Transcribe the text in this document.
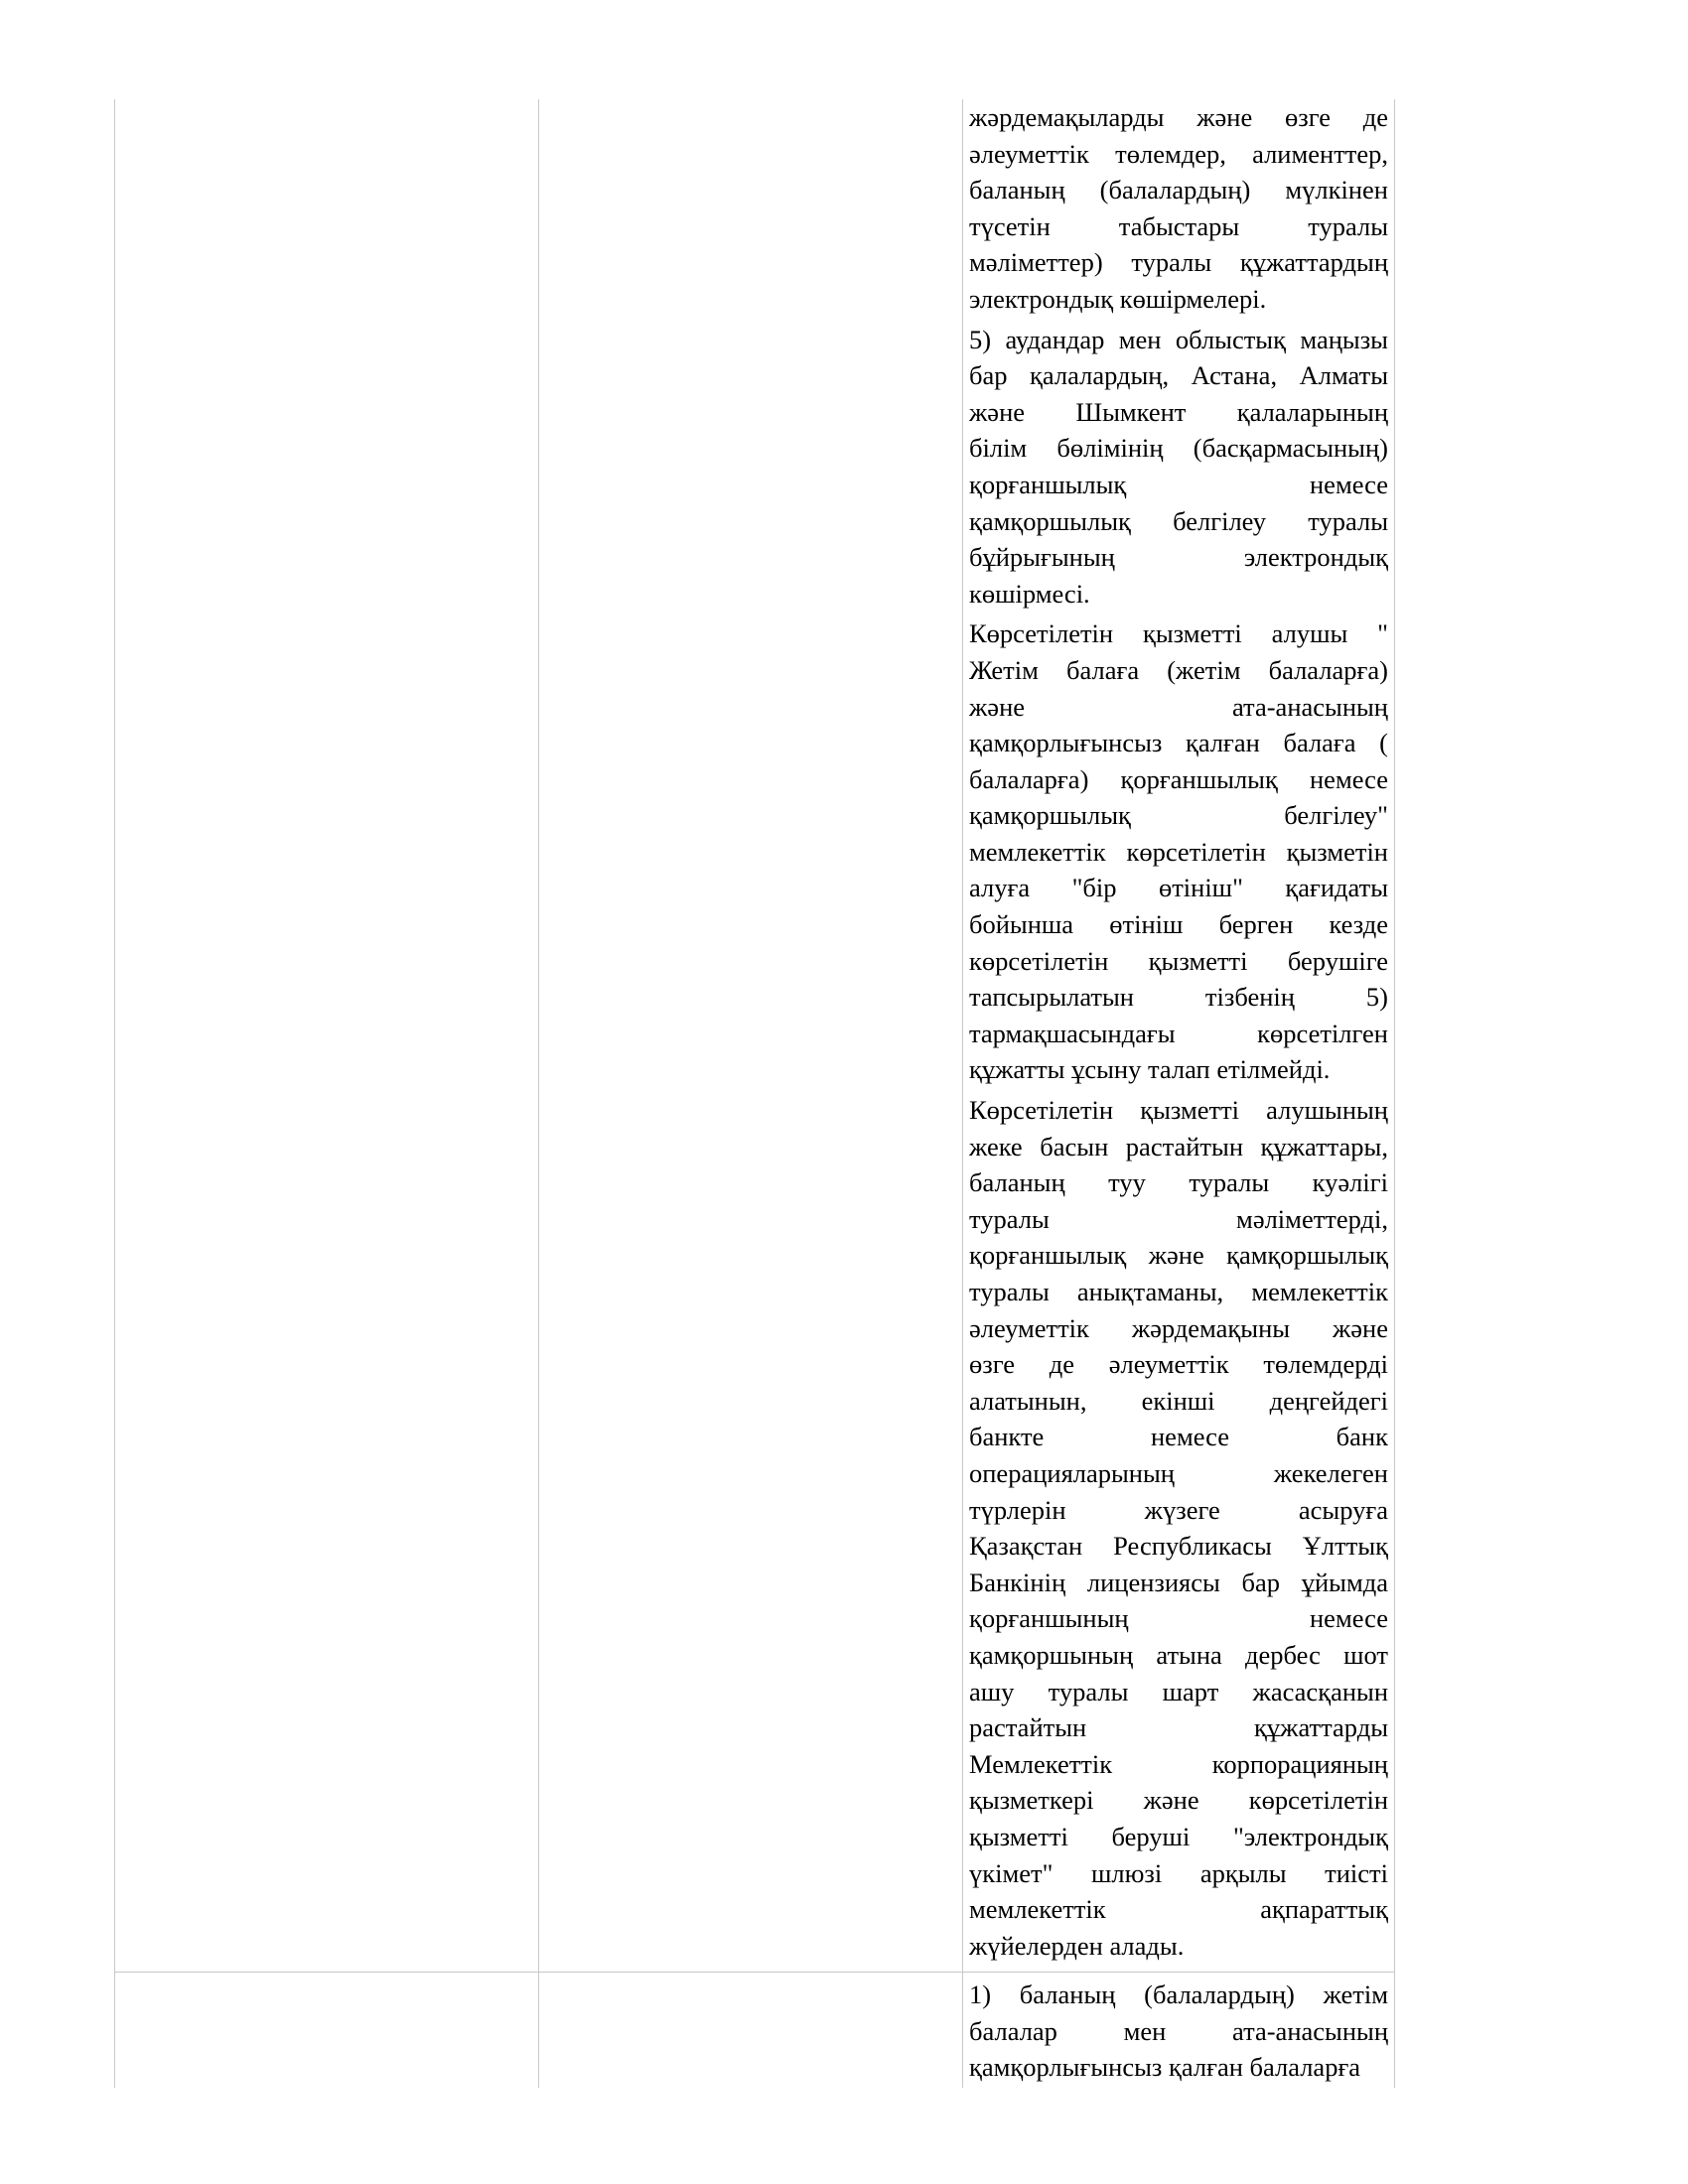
жәрдемақыларды және өзге де
әлеуметтік төлемдер, алименттер,
баланың (балалардың) мүлкінен
түсетін табыстары туралы
мәліметтер) туралы құжаттардың
электрондық көшірмелері.
5) аудандар мен облыстық маңызы
бар қалалардың, Астана, Алматы
және Шымкент қалаларының
білім бөлімінің (басқармасының)
қорғаншылық немесе
қамқоршылық белгілеу туралы
бұйрығының электрондық
көшірмесі.
Көрсетілетін қызметті алушы "
Жетім балаға (жетім балаларға)
және ата-анасының
қамқорлығынсыз қалған балаға (
балаларға) қорғаншылық немесе
қамқоршылық белгілеу"
мемлекеттік көрсетілетін қызметін
алуға "бір өтініш" қағидаты
бойынша өтініш берген кезде
көрсетілетін қызметті берушіге
тапсырылатын тізбенің 5)
тармақшасындағы көрсетілген
құжатты ұсыну талап етілмейді.
Көрсетілетін қызметті алушының
жеке басын растайтын құжаттары,
баланың туу туралы куәлігі
туралы мәліметтерді,
қорғаншылық және қамқоршылық
туралы анықтаманы, мемлекеттік
әлеуметтік жәрдемақыны және
өзге де әлеуметтік төлемдерді
алатынын, екінші деңгейдегі
банкте немесе банк
операцияларының жекелеген
түрлерін жүзеге асыруға
Қазақстан Республикасы Ұлттық
Банкінің лицензиясы бар ұйымда
қорғаншының немесе
қамқоршының атына дербес шот
ашу туралы шарт жасасқанын
растайтын құжаттарды
Мемлекеттік корпорацияның
қызметкері және көрсетілетін
қызметті беруші "электрондық
үкімет" шлюзі арқылы тиісті
мемлекеттік ақпараттық
жүйелерден алады.
1) баланың (балалардың) жетім
балалар мен ата-анасының
қамқорлығынсыз қалған балаларға
